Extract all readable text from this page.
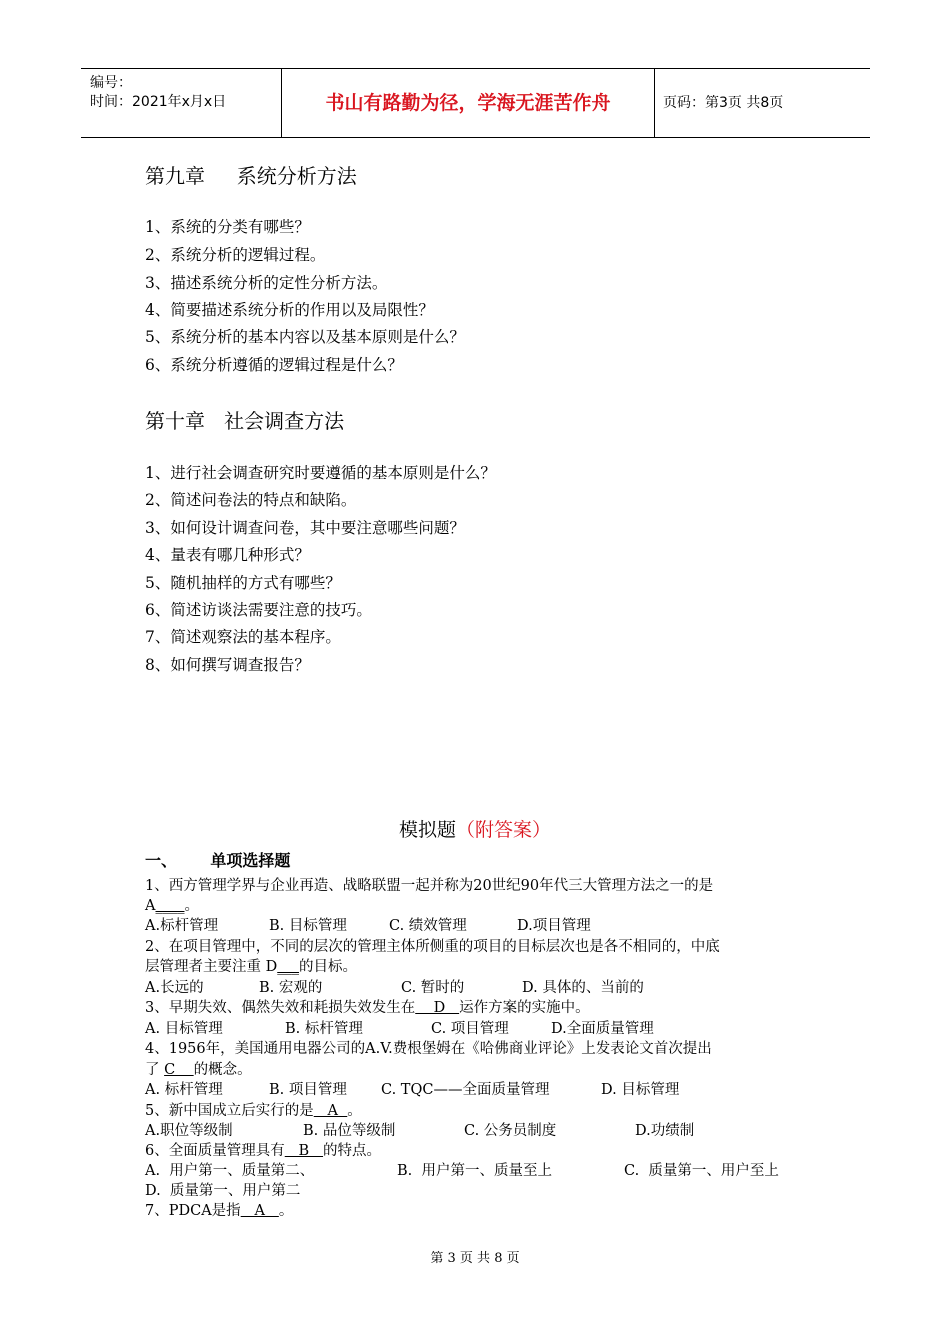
编号：
时间：2021年x月x日	书山有路勤为径，学海无涯苦作舟	页码：第3页 共8页
第九章     系统分析方法
1、系统的分类有哪些？
2、系统分析的逻辑过程。
3、描述系统分析的定性分析方法。
4、简要描述系统分析的作用以及局限性？
5、系统分析的基本内容以及基本原则是什么？
6、系统分析遵循的逻辑过程是什么？
第十章   社会调查方法
1、进行社会调查研究时要遵循的基本原则是什么？
2、简述问卷法的特点和缺陷。
3、如何设计调查问卷，其中要注意哪些问题？
4、量表有哪几种形式？
5、随机抽样的方式有哪些？
6、简述访谈法需要注意的技巧。
7、简述观察法的基本程序。
8、如何撰写调查报告？
模拟题（附答案）
一、      单项选择题
1、西方管理学界与企业再造、战略联盟一起并称为20世纪90年代三大管理方法之一的是
A____。
A.标杆管理	B. 目标管理	C. 绩效管理	D.项目管理
2、在项目管理中，不同的层次的管理主体所侧重的项目的目标层次也是各不相同的，中底
层管理者主要注重 D___的目标。
A.长远的	B. 宏观的	C. 暂时的	D. 具体的、当前的
3、早期失效、偶然失效和耗损失效发生在    D   运作方案的实施中。
A. 目标管理	B. 标杆管理	C. 项目管理	D.全面质量管理
4、1956年，美国通用电器公司的A.V.费根堡姆在《哈佛商业评论》上发表论文首次提出
了 C    的概念。
A. 标杆管理	B. 项目管理 C. TQC——全面质量管理	D. 目标管理
5、新中国成立后实行的是   A  。
A.职位等级制	B. 品位等级制	C. 公务员制度	D.功绩制
6、全面质量管理具有   B   的特点。
A.  用户第一、质量第二、	B.  用户第一、质量至上	C.  质量第一、用户至上
D.  质量第一、用户第二
7、PDCA是指   A   。
第 3 页 共 8 页
